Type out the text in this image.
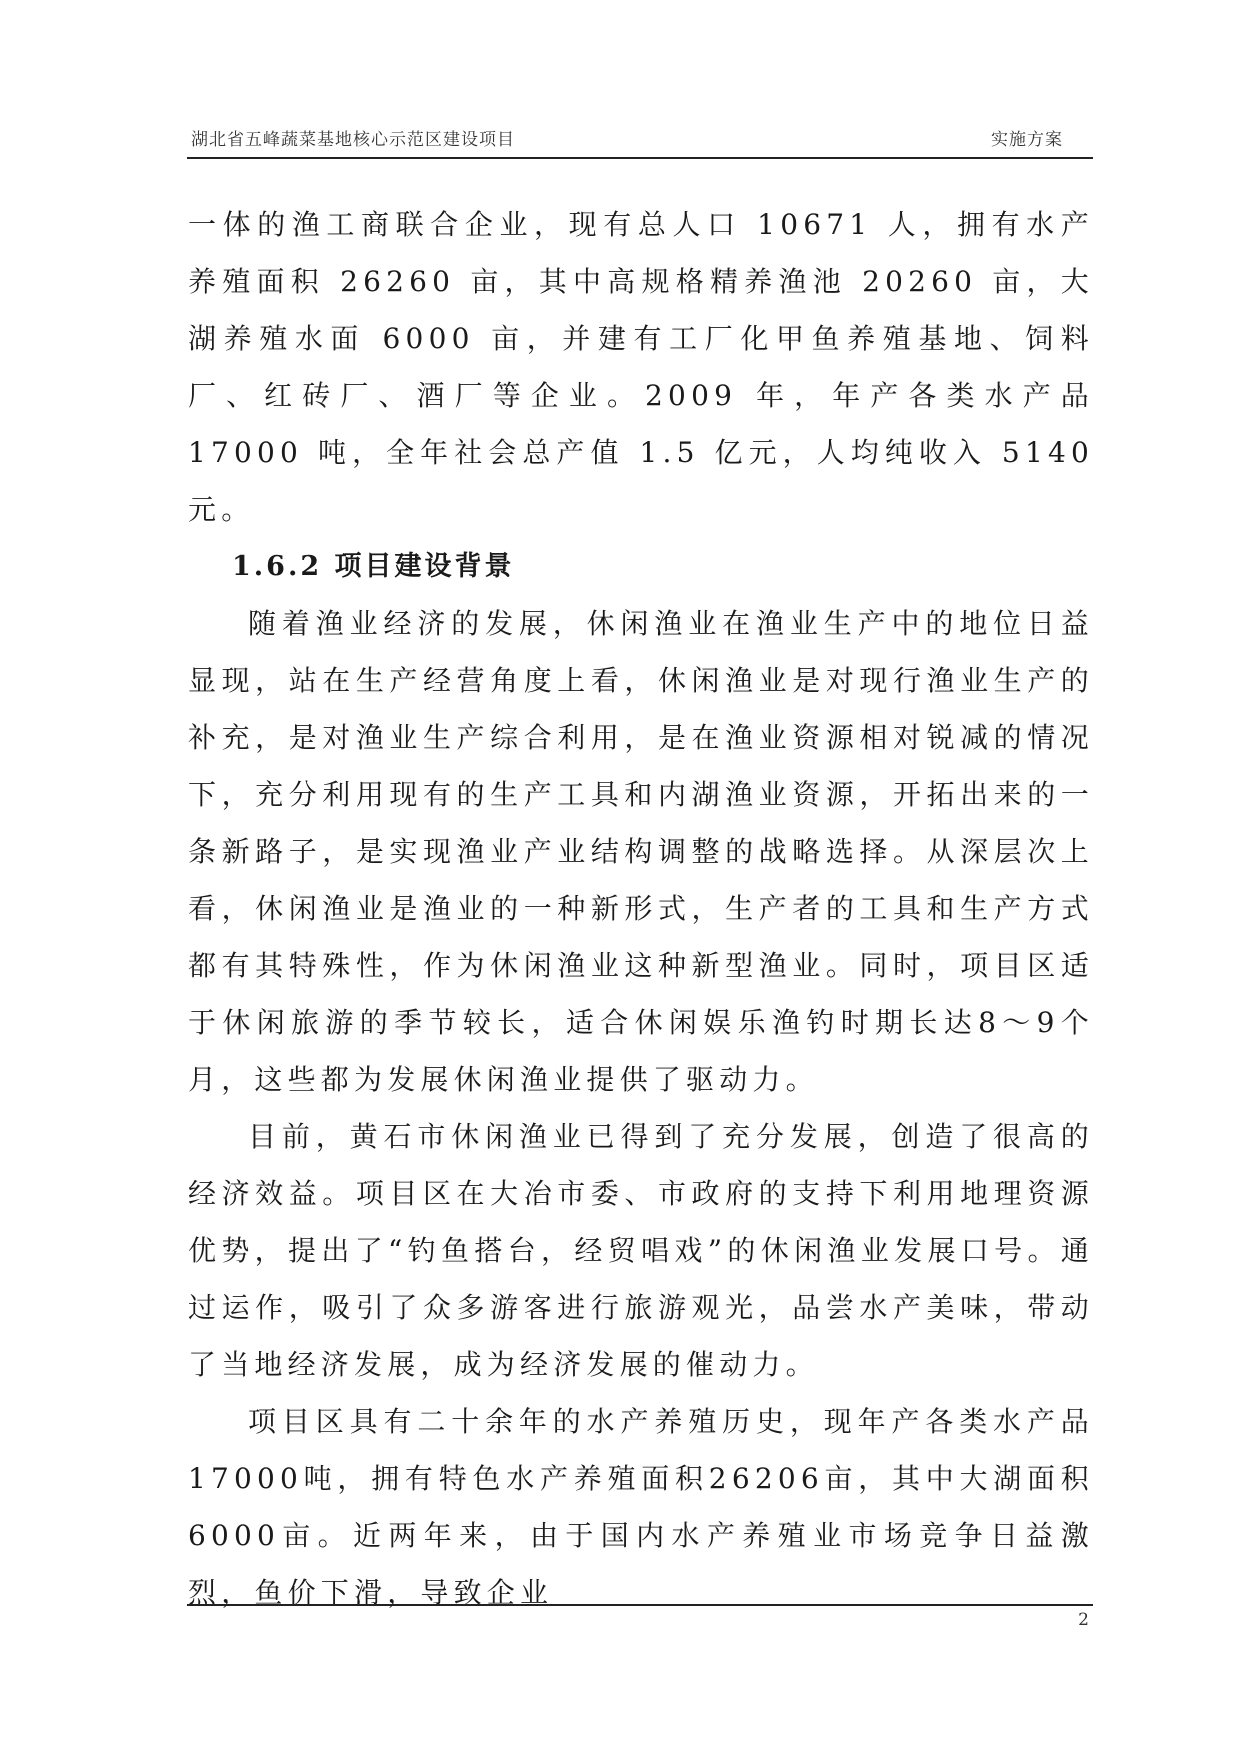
湖北省五峰蔬菜基地核心示范区建设项目	实施方案

一体的渔工商联合企业，现有总人口 10671 人，拥有水产养殖面积 26260 亩，其中高规格精养渔池 20260 亩，大湖养殖水面 6000 亩，并建有工厂化甲鱼养殖基地、饲料厂、红砖厂、酒厂等企业。2009 年，年产各类水产品 17000 吨，全年社会总产值 1.5 亿元，人均纯收入 5140 元。

1.6.2 项目建设背景

随着渔业经济的发展，休闲渔业在渔业生产中的地位日益显现，站在生产经营角度上看，休闲渔业是对现行渔业生产的补充，是对渔业生产综合利用，是在渔业资源相对锐减的情况下，充分利用现有的生产工具和内湖渔业资源，开拓出来的一条新路子，是实现渔业产业结构调整的战略选择。从深层次上看，休闲渔业是渔业的一种新形式，生产者的工具和生产方式都有其特殊性，作为休闲渔业这种新型渔业。同时，项目区适于休闲旅游的季节较长，适合休闲娱乐渔钓时期长达8～9个月，这些都为发展休闲渔业提供了驱动力。

目前，黄石市休闲渔业已得到了充分发展，创造了很高的经济效益。项目区在大冶市委、市政府的支持下利用地理资源优势，提出了“钓鱼搭台，经贸唱戏”的休闲渔业发展口号。通过运作，吸引了众多游客进行旅游观光，品尝水产美味，带动了当地经济发展，成为经济发展的催动力。

项目区具有二十余年的水产养殖历史，现年产各类水产品17000吨，拥有特色水产养殖面积26206亩，其中大湖面积6000亩。近两年来，由于国内水产养殖业市场竞争日益激烈，鱼价下滑，导致企业

2
